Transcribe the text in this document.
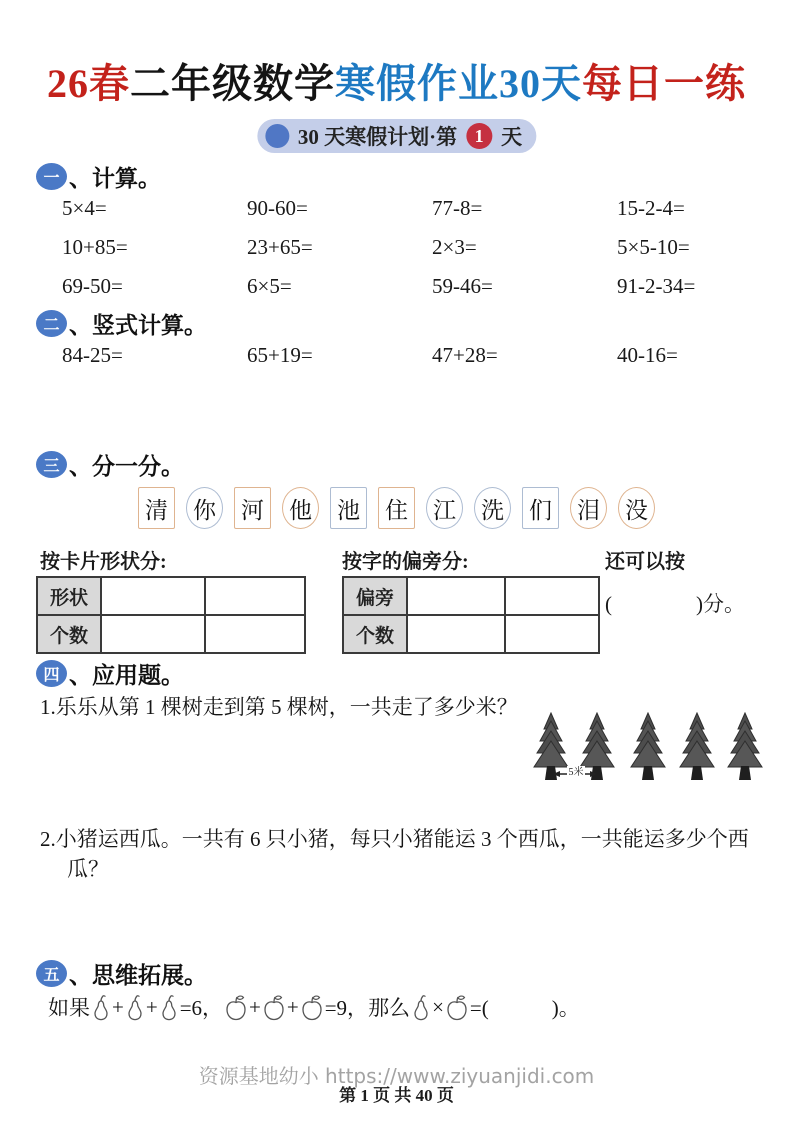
26春二年级数学寒假作业30天每日一练
30 天寒假计划·第 1 天
一 、计算。
5×4=	90-60=	77-8=	15-2-4=
10+85=	23+65=	2×3=	5×5-10=
69-50=	6×5=	59-46=	91-2-34=
二 、竖式计算。
84-25=	65+19=	47+28=	40-16=
三 、分一分。
清 你 河 他 池 住 江 洗 们 泪 没
按卡片形状分:
形状		
个数		
按字的偏旁分:
偏旁		
个数		
还可以按
(　　　　)分。
四 、应用题。
1.乐乐从第 1 棵树走到第 5 棵树，一共走了多少米？
5米
2.小猪运西瓜。一共有 6 只小猪，每只小猪能运 3 个西瓜，一共能运多少个西瓜？
五 、思维拓展。
如果 + + =6， + + =9， 那么 × =(　　　)。
资源基地幼小 https://www.ziyuanjidi.com
第 1 页 共 40 页
